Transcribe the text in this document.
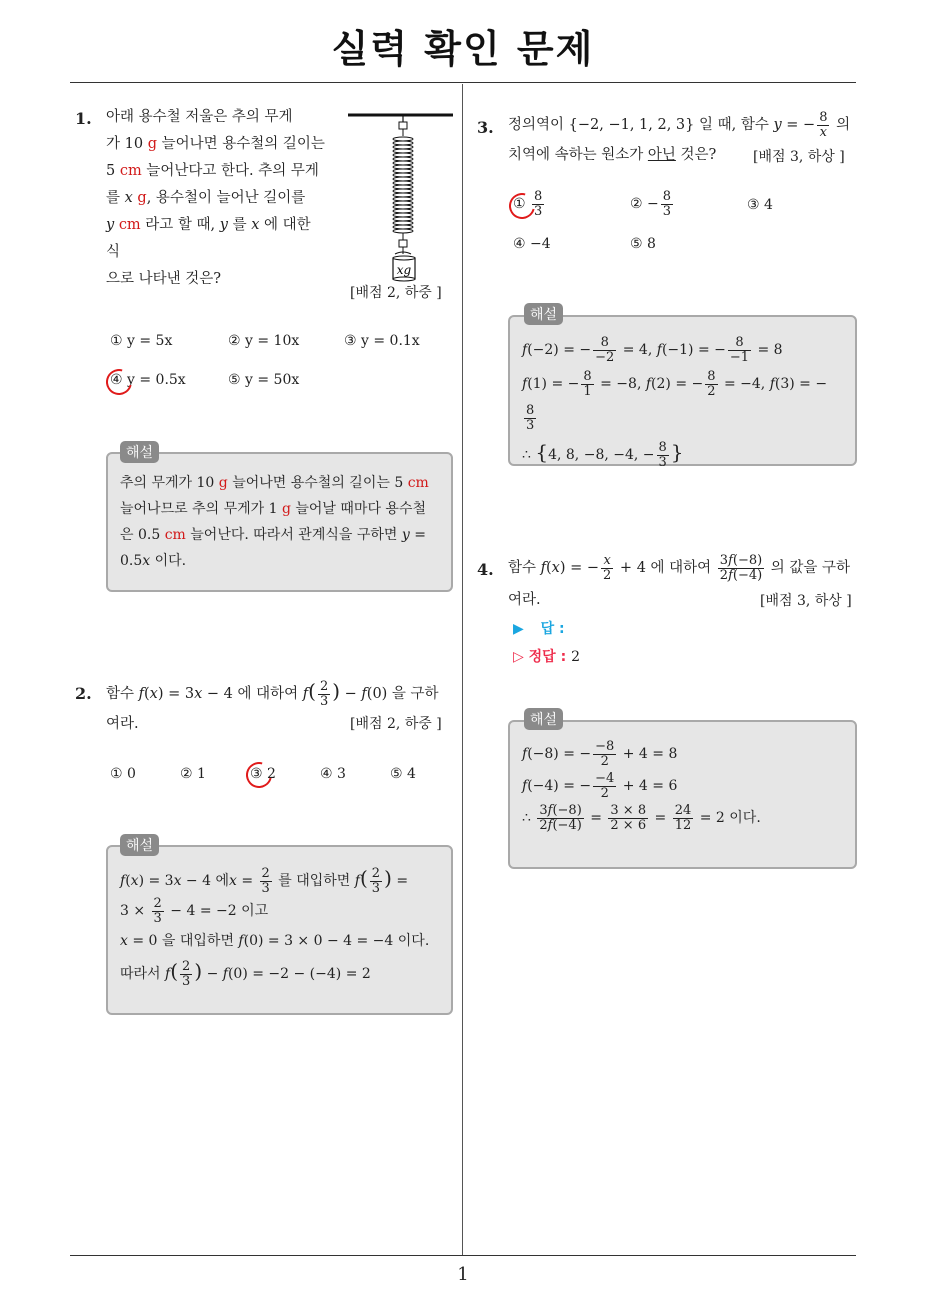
실력 확인 문제
1. 아래 용수철 저울은 추의 무게
가 10 g 늘어나면 용수철의 길이는
5 cm 늘어난다고 한다. 추의 무게
를 x g, 용수철이 늘어난 길이를
y cm 라고 할 때, y 를 x 에 대한 식
으로 나타낸 것은?
xg
[배점 2, 하중 ]
① y = 5x	② y = 10x	③ y = 0.1x
④ y = 0.5x	⑤ y = 50x
추의 무게가 10 g 늘어나면 용수철의 길이는 5 cm
늘어나므로 추의 무게가 1 g 늘어날 때마다 용수철
은 0.5 cm 늘어난다. 따라서 관계식을 구하면 y =
0.5x 이다.
해설
2. 함수 f(x) = 3x − 4 에 대하여 $f( \frac{2}{3}$ ) − f(0) 을 구하
여라.	[배점 2, 하중 ]
① 0	② 1	③ 2	④ 3	⑤ 4
f(x) = 3x − 4 에$x = \frac{2}{3}$ 를 대입하면 $f( \frac{2}{3}$ ) =
$3 \times \frac{2}{3} - 4 = -2$ 이고
x = 0 을 대입하면 f(0) = 3 × 0 − 4 = −4 이다.
따라서 $f( \frac{2}{3}$ ) − f(0) = −2 − (−4) = 2
해설
3. 정의역이 {−2, −1, 1, 2, 3} 일 때, 함수 y = − $\frac{8}{x}$ 의
치역에 속하는 원소가 아닌 것은?	[배점 3, 하상 ]
① $\frac{8}{3}$	② − $\frac{8}{3}$	③ 4
④ −4	⑤ 8
f(−2) = − $\frac{8}{-2} = 4$, f(−1) = − $\frac{8}{-1} = 8$
f(1) = − $\frac{8}{1} = -8$, f(2) = − $\frac{8}{2} = -4$, f(3) = −
$\frac{8}{3}$
∴ {4, 8, −8, −4, − $\frac{8}{3}$ }
해설
4. 함수 f(x) = − $\frac{x}{2} + 4$ 에 대하여 $\frac{3f(-8)}{2f(-4)}$ 의 값을 구하
여라.	[배점 3, 하상 ]
▶ 답 :
▷ 정답 : 2
f(−8) = − $\frac{-8}{2} + 4 = 8$
f(−4) = − $\frac{-4}{2} + 4 = 6$
∴ $\frac{3f(-8)}{2f(-4)} = \frac{3 \times 8}{2 \times 6} = \frac{24}{12} = 2$ 이다.
해설
1
